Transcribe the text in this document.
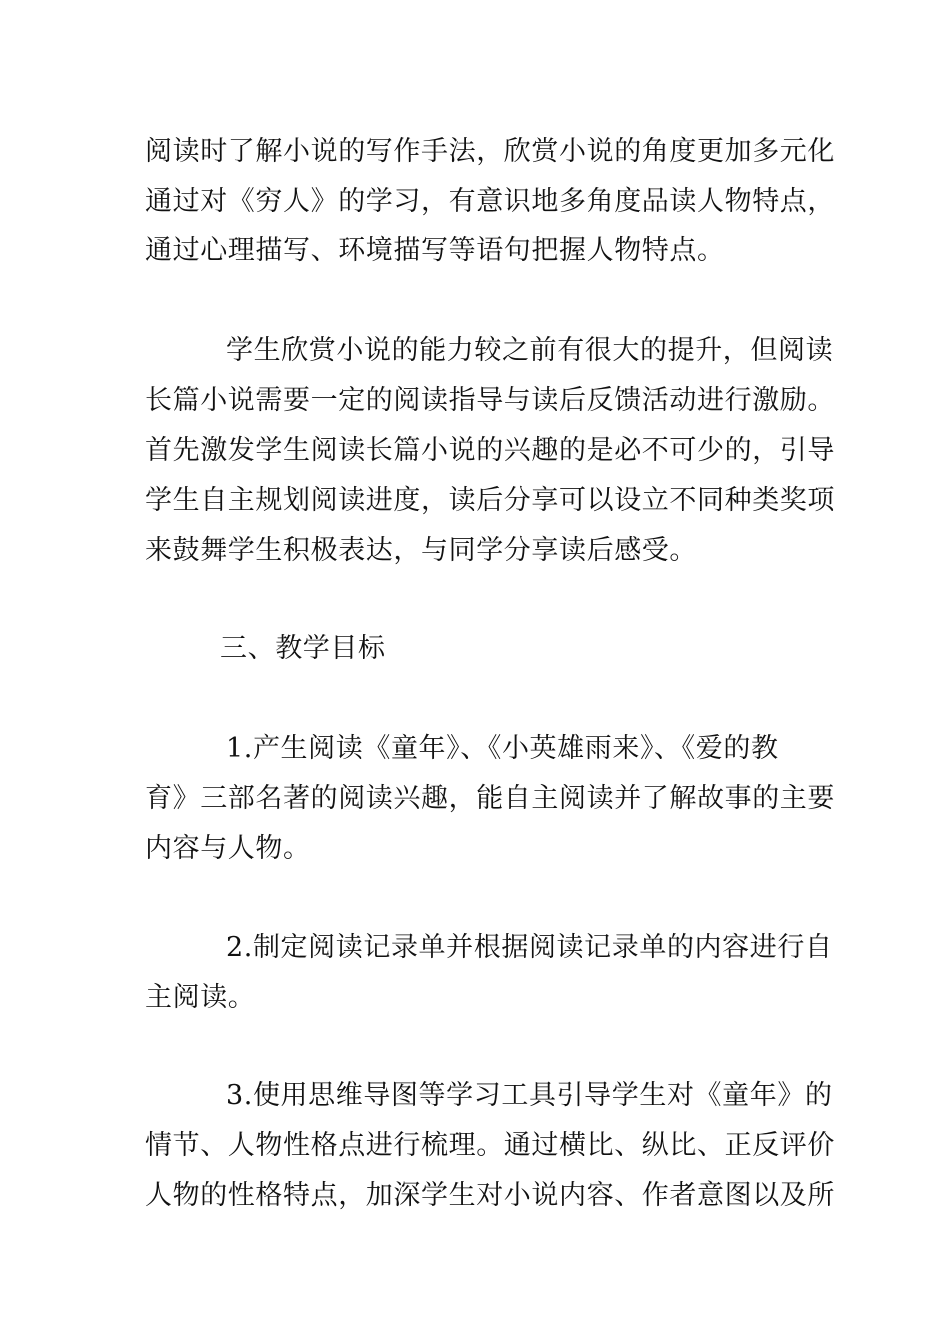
阅读时了解小说的写作手法，欣赏小说的角度更加多元化
通过对《穷人》的学习，有意识地多角度品读人物特点，
通过心理描写、环境描写等语句把握人物特点。
学生欣赏小说的能力较之前有很大的提升，但阅读
长篇小说需要一定的阅读指导与读后反馈活动进行激励。
首先激发学生阅读长篇小说的兴趣的是必不可少的，引导
学生自主规划阅读进度，读后分享可以设立不同种类奖项
来鼓舞学生积极表达，与同学分享读后感受。
三、教学目标
1.产生阅读《童年》、《小英雄雨来》、《爱的教
育》三部名著的阅读兴趣，能自主阅读并了解故事的主要
内容与人物。
2.制定阅读记录单并根据阅读记录单的内容进行自
主阅读。
3.使用思维导图等学习工具引导学生对《童年》的
情节、人物性格点进行梳理。通过横比、纵比、正反评价
人物的性格特点，加深学生对小说内容、作者意图以及所
